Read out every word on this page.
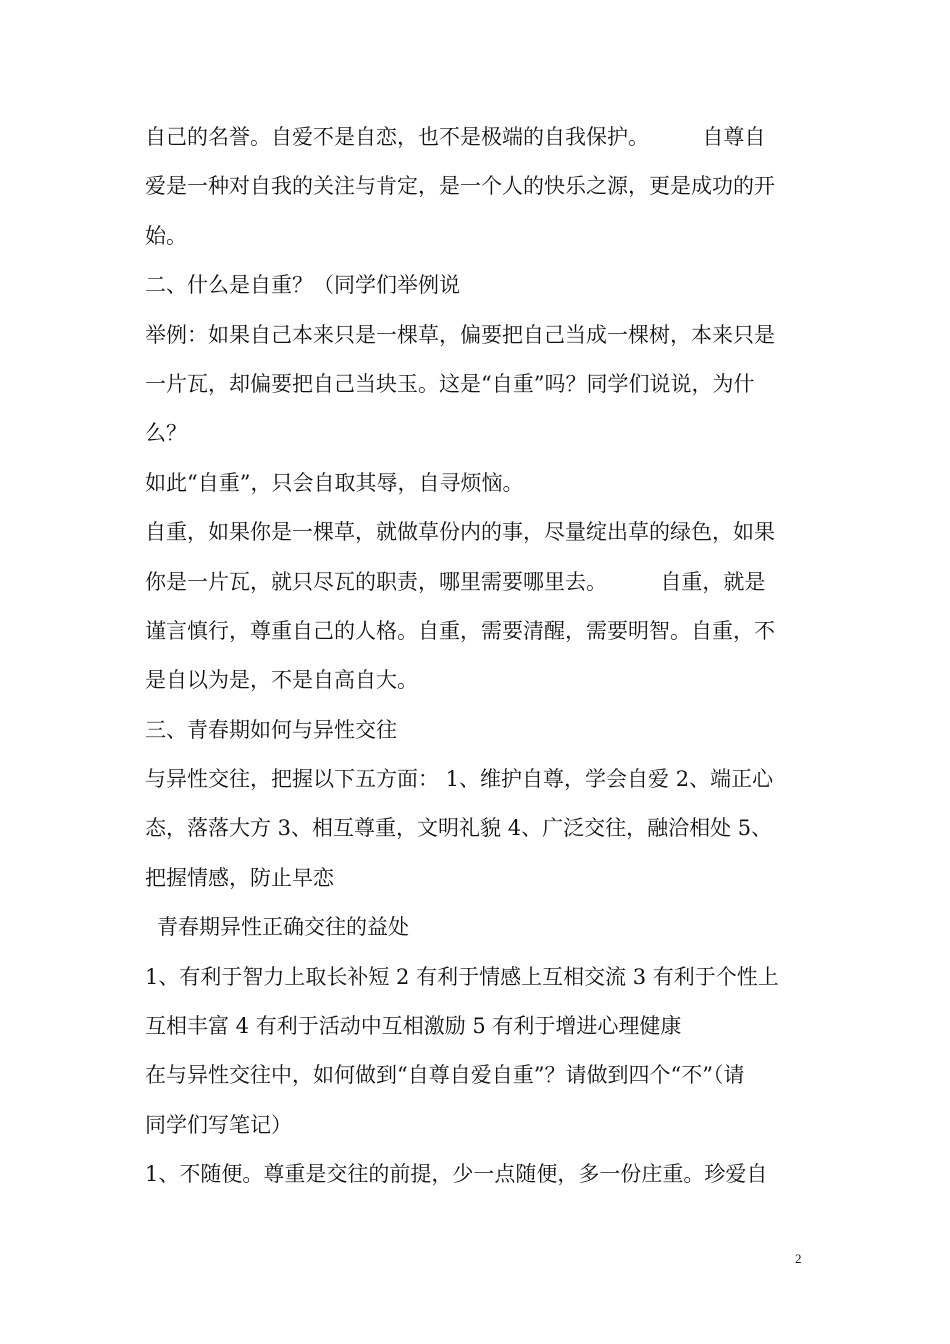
自己的名誉。自爱不是自恋，也不是极端的自我保护。        自尊自
爱是一种对自我的关注与肯定，是一个人的快乐之源，更是成功的开
始。
二、什么是自重？（同学们举例说
举例：如果自己本来只是一棵草，偏要把自己当成一棵树，本来只是
一片瓦，却偏要把自己当块玉。这是“自重”吗？同学们说说，为什
么？
如此“自重”，只会自取其辱，自寻烦恼。
自重，如果你是一棵草，就做草份内的事，尽量绽出草的绿色，如果
你是一片瓦，就只尽瓦的职责，哪里需要哪里去。        自重，就是
谨言慎行，尊重自己的人格。自重，需要清醒，需要明智。自重，不
是自以为是，不是自高自大。
三、青春期如何与异性交往
与异性交往，把握以下五方面： 1、维护自尊，学会自爱 2、端正心
态，落落大方 3、相互尊重，文明礼貌 4、广泛交往，融洽相处 5、
把握情感，防止早恋
青春期异性正确交往的益处
1、有利于智力上取长补短 2 有利于情感上互相交流 3 有利于个性上
互相丰富 4 有利于活动中互相激励 5 有利于增进心理健康
在与异性交往中，如何做到“自尊自爱自重”？请做到四个“不”（请
同学们写笔记）
1、不随便。尊重是交往的前提，少一点随便，多一份庄重。珍爱自
2
